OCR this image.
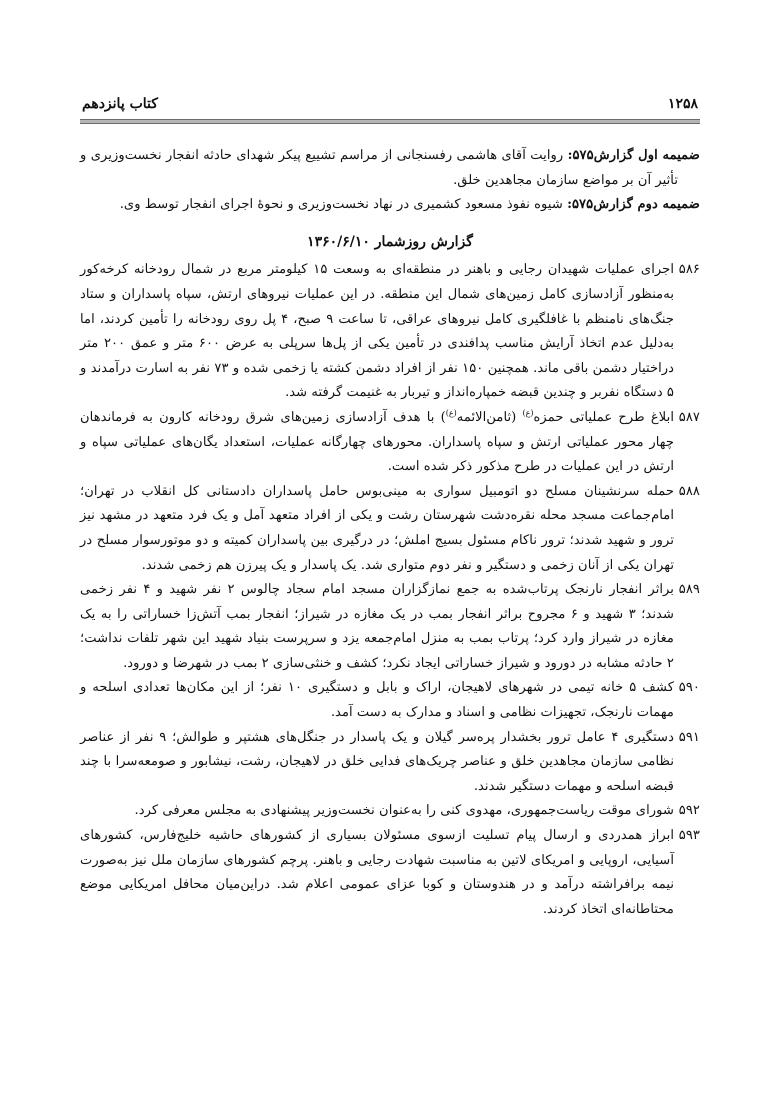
۱۲۵۸
کتاب پانزدهم

ضمیمه اول گزارش۵۷۵: روایت آقای هاشمی رفسنجانی از مراسم تشییع پیکر شهدای حادثه انفجار نخست‌وزیری و تأثیر آن بر مواضع سازمان مجاهدین خلق.

ضمیمه دوم گزارش۵۷۵: شیوه نفوذ مسعود کشمیری در نهاد نخست‌وزیری و نحوهٔ اجرای انفجار توسط وی.

گزارش روزشمار ۱۳۶۰/۶/۱۰

۵۸۶
اجرای عملیات شهیدان رجایی و باهنر در منطقه‌ای به وسعت ۱۵ کیلومتر مربع در شمال رودخانه کرخه‌کور به‌منظور آزادسازی کامل زمین‌های شمال این منطقه. در این عملیات نیروهای ارتش، سپاه پاسداران و ستاد جنگ‌های نامنظم با غافلگیری کامل نیروهای عراقی، تا ساعت ۹ صبح، ۴ پل روی رودخانه را تأمین کردند، اما به‌دلیل عدم اتخاذ آرایش مناسب پدافندی در تأمین یکی از پل‌ها سرپلی به عرض ۶۰۰ متر و عمق ۲۰۰ متر دراختیار دشمن باقی ماند. همچنین ۱۵۰ نفر از افراد دشمن کشته یا زخمی شده و ۷۳ نفر به اسارت درآمدند و ۵ دستگاه نفربر و چندین قبضه خمپاره‌انداز و تیربار به غنیمت گرفته شد.

۵۸۷
ابلاغ طرح عملیاتی حمزه$^{(ع)}$ (ثامن‌الائمه$^{(ع)}$) با هدف آزادسازی زمین‌های شرق رودخانه کارون به فرماندهان چهار محور عملیاتی ارتش و سپاه پاسداران. محورهای چهارگانه عملیات، استعداد یگان‌های عملیاتی سپاه و ارتش در این عملیات در طرح مذکور ذکر شده است.

۵۸۸
حمله سرنشینان مسلح دو اتومبیل سواری به مینی‌بوس حامل پاسداران دادستانی کل انقلاب در تهران؛ امام‌جماعت مسجد محله نقره‌دشت شهرستان رشت و یکی از افراد متعهد آمل و یک فرد متعهد در مشهد نیز ترور و شهید شدند؛ ترور ناکام مسئول بسیج املش؛ در درگیری بین پاسداران کمیته و دو موتورسوار مسلح در تهران یکی از آنان زخمی و دستگیر و نفر دوم متواری شد. یک پاسدار و یک پیرزن هم زخمی شدند.

۵۸۹
براثر انفجار نارنجک پرتاب‌شده به جمع نمازگزاران مسجد امام سجاد چالوس ۲ نفر شهید و ۴ نفر زخمی شدند؛ ۳ شهید و ۶ مجروح براثر انفجار بمب در یک مغازه در شیراز؛ انفجار بمب آتش‌زا خساراتی را به یک مغازه در شیراز وارد کرد؛ پرتاب بمب به منزل امام‌جمعه یزد و سرپرست بنیاد شهید این شهر تلفات نداشت؛ ۲ حادثه مشابه در دورود و شیراز خساراتی ایجاد نکرد؛ کشف و خنثی‌سازی ۲ بمب در شهرضا و دورود.

۵۹۰
کشف ۵ خانه تیمی در شهرهای لاهیجان، اراک و بابل و دستگیری ۱۰ نفر؛ از این مکان‌ها تعدادی اسلحه و مهمات نارنجک، تجهیزات نظامی و اسناد و مدارک به دست آمد.

۵۹۱
دستگیری ۴ عامل ترور بخشدار پره‌سر گیلان و یک پاسدار در جنگل‌های هشتپر و طوالش؛ ۹ نفر از عناصر نظامی سازمان مجاهدین خلق و عناصر چریک‌های فدایی خلق در لاهیجان، رشت، نیشابور و صومعه‌سرا با چند قبضه اسلحه و مهمات دستگیر شدند.

۵۹۲
شورای موقت ریاست‌جمهوری، مهدوی کنی را به‌عنوان نخست‌وزیر پیشنهادی به مجلس معرفی کرد.

۵۹۳
ابراز همدردی و ارسال پیام تسلیت ازسوی مسئولان بسیاری از کشورهای حاشیه خلیج‌فارس، کشورهای آسیایی، اروپایی و امریکای لاتین به مناسبت شهادت رجایی و باهنر. پرچم کشورهای سازمان ملل نیز به‌صورت نیمه برافراشته درآمد و در هندوستان و کوبا عزای عمومی اعلام شد. دراین‌میان محافل امریکایی موضع محتاطانه‌ای اتخاذ کردند.
